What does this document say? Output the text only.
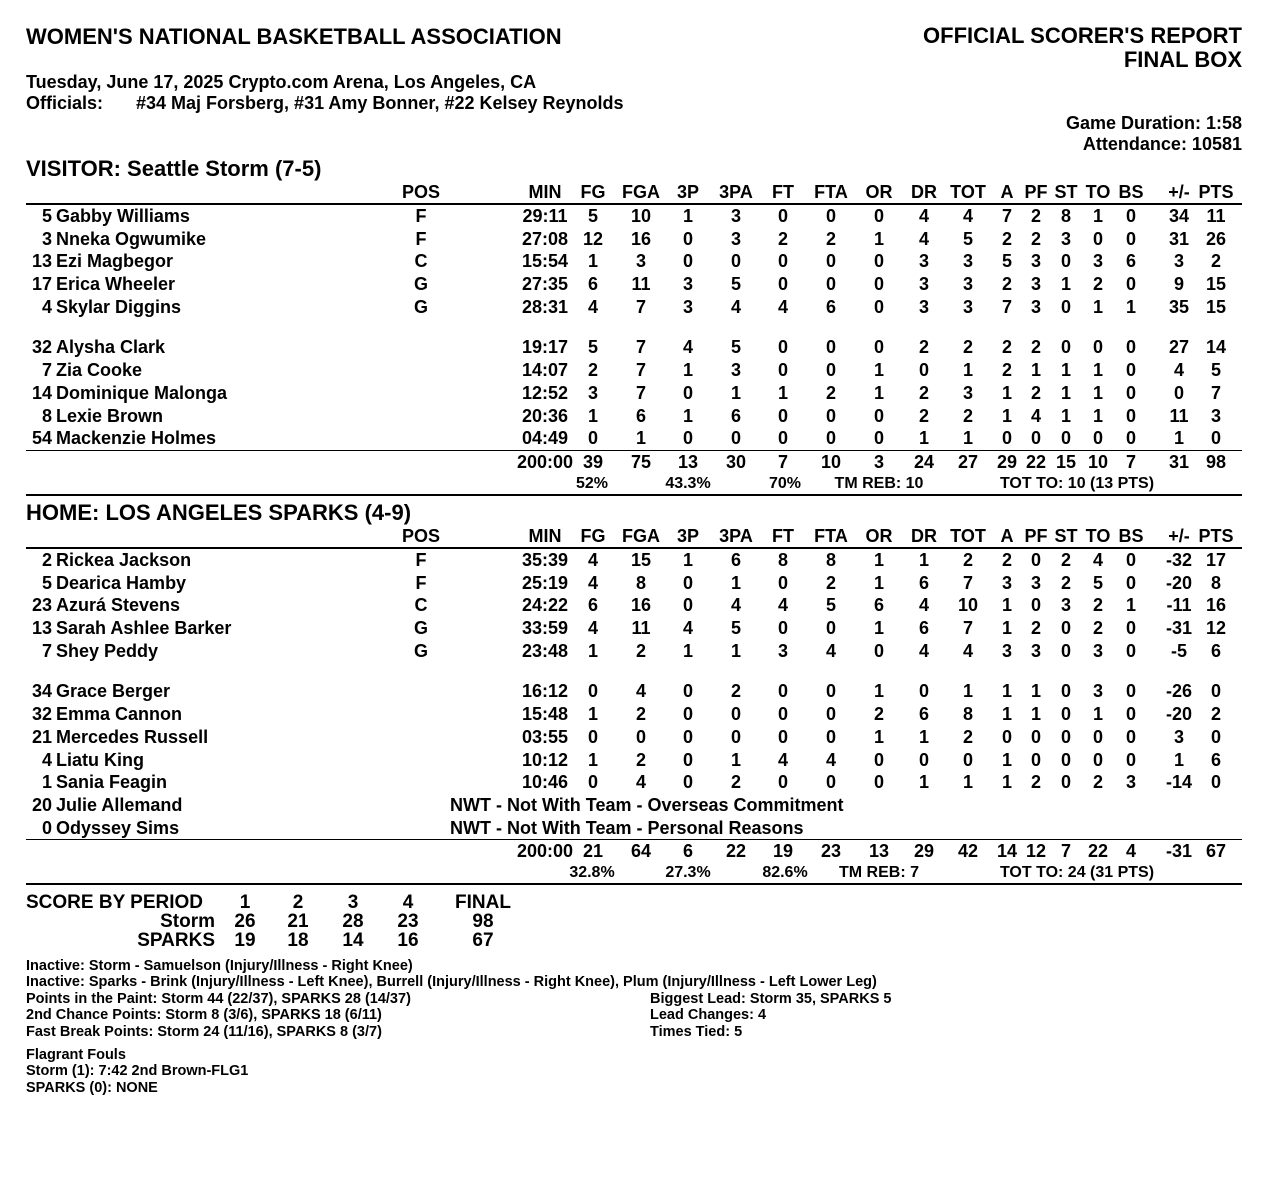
WOMEN'S NATIONAL BASKETBALL ASSOCIATION	OFFICIAL SCORER'S REPORT
FINAL BOX
Tuesday, June 17, 2025 Crypto.com Arena, Los Angeles, CA
Officials: #34 Maj Forsberg, #31 Amy Bonner, #22 Kelsey Reynolds
Game Duration: 1:58
Attendance: 10581
VISITOR: Seattle Storm (7-5)
POS	MIN FG FGA 3P 3PA FT FTA OR DR TOT A PF ST TO BS +/- PTS
5 Gabby Williams	F	29:11 5 10 1 3 0 0 0 4 4 7 2 8 1 0 34 11
3 Nneka Ogwumike	F	27:08 12 16 0 3 2 2 1 4 5 2 2 3 0 0 31 26
13 Ezi Magbegor	C	15:54 1 3 0 0 0 0 0 3 3 5 3 0 3 6 3 2
17 Erica Wheeler	G	27:35 6 11 3 5 0 0 0 3 3 2 3 1 2 0 9 15
4 Skylar Diggins	G	28:31 4 7 3 4 4 6 0 3 3 7 3 0 1 1 35 15
32 Alysha Clark	19:17 5 7 4 5 0 0 0 2 2 2 2 0 0 0 27 14
7 Zia Cooke	14:07 2 7 1 3 0 0 1 0 1 2 1 1 1 0 4 5
14 Dominique Malonga	12:52 3 7 0 1 1 2 1 2 3 1 2 1 1 0 0 7
8 Lexie Brown	20:36 1 6 1 6 0 0 0 2 2 1 4 1 1 0 11 3
54 Mackenzie Holmes	04:49 0 1 0 0 0 0 0 1 1 0 0 0 0 0 1 0
200:00 39 75 13 30 7 10 3 24 27 29 22 15 10 7 31 98
52%	43.3%	70% TM REB: 10	TOT TO: 10 (13 PTS)
HOME: LOS ANGELES SPARKS (4-9)
POS	MIN FG FGA 3P 3PA FT FTA OR DR TOT A PF ST TO BS +/- PTS
2 Rickea Jackson	F	35:39 4 15 1 6 8 8 1 1 2 2 0 2 4 0 -32 17
5 Dearica Hamby	F	25:19 4 8 0 1 0 2 1 6 7 3 3 2 5 0 -20 8
23 Azurá Stevens	C	24:22 6 16 0 4 4 5 6 4 10 1 0 3 2 1 -11 16
13 Sarah Ashlee Barker	G	33:59 4 11 4 5 0 0 1 6 7 1 2 0 2 0 -31 12
7 Shey Peddy	G	23:48 1 2 1 1 3 4 0 4 4 3 3 0 3 0 -5 6
34 Grace Berger	16:12 0 4 0 2 0 0 1 0 1 1 1 0 3 0 -26 0
32 Emma Cannon	15:48 1 2 0 0 0 0 2 6 8 1 1 0 1 0 -20 2
21 Mercedes Russell	03:55 0 0 0 0 0 0 1 1 2 0 0 0 0 0 3 0
4 Liatu King	10:12 1 2 0 1 4 4 0 0 0 1 0 0 0 0 1 6
1 Sania Feagin	10:46 0 4 0 2 0 0 0 1 1 1 2 0 2 3 -14 0
20 Julie Allemand	NWT - Not With Team - Overseas Commitment
0 Odyssey Sims	NWT - Not With Team - Personal Reasons
200:00 21 64 6 22 19 23 13 29 42 14 12 7 22 4 -31 67
32.8%	27.3%	82.6% TM REB: 7	TOT TO: 24 (31 PTS)
SCORE BY PERIOD 1 2 3 4 FINAL
Storm 26 21 28 23	98
SPARKS 19 18 14 16	67
Inactive: Storm - Samuelson (Injury/Illness - Right Knee)
Inactive: Sparks - Brink (Injury/Illness - Left Knee), Burrell (Injury/Illness - Right Knee), Plum (Injury/Illness - Left Lower Leg)
Points in the Paint: Storm 44 (22/37), SPARKS 28 (14/37)
2nd Chance Points: Storm 8 (3/6), SPARKS 18 (6/11)
Fast Break Points: Storm 24 (11/16), SPARKS 8 (3/7)
Biggest Lead: Storm 35, SPARKS 5
Lead Changes: 4
Times Tied: 5
Flagrant Fouls
Storm (1): 7:42 2nd Brown-FLG1
SPARKS (0): NONE
